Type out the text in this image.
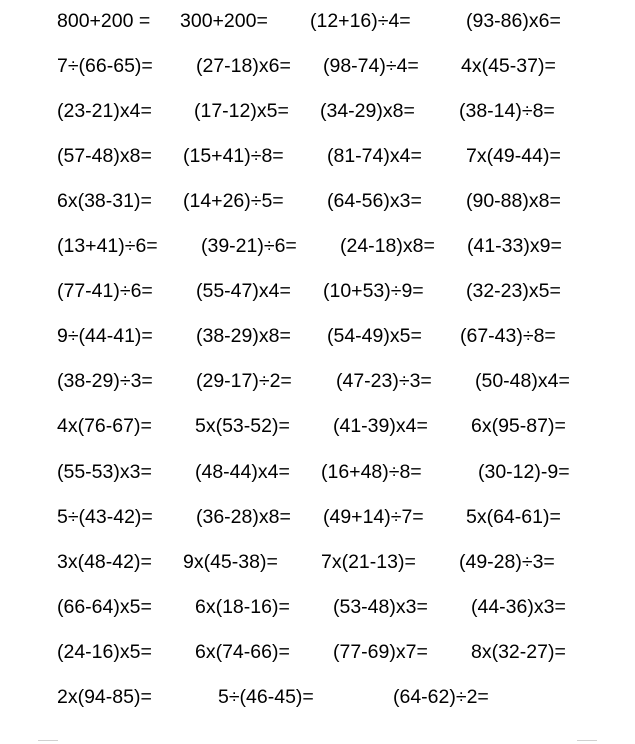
800+200 = 300+200= (12+16)÷4=	(93-86)x6=
7÷(66-65)= (27-18)x6= (98-74)÷4= 4x(45-37)=
(23-21)x4= (17-12)x5= (34-29)x8= (38-14)÷8=
(57-48)x8= (15+41)÷8= (81-74)x4= 7x(49-44)=
6x(38-31)= (14+26)÷5= (64-56)x3= (90-88)x8=
(13+41)÷6= (39-21)÷6= (24-18)x8= (41-33)x9=
(77-41)÷6= (55-47)x4= (10+53)÷9= (32-23)x5=
9÷(44-41)= (38-29)x8= (54-49)x5= (67-43)÷8=
(38-29)÷3= (29-17)÷2= (47-23)÷3= (50-48)x4=
4x(76-67)= 5x(53-52)= (41-39)x4= 6x(95-87)=
(55-53)x3= (48-44)x4= (16+48)÷8=	(30-12)-9=
5÷(43-42)= (36-28)x8= (49+14)÷7= 5x(64-61)=
3x(48-42)= 9x(45-38)= 7x(21-13)= (49-28)÷3=
(66-64)x5= 6x(18-16)= (53-48)x3= (44-36)x3=
(24-16)x5= 6x(74-66)= (77-69)x7= 8x(32-27)=
2x(94-85)=	5÷(46-45)=	(64-62)÷2=
